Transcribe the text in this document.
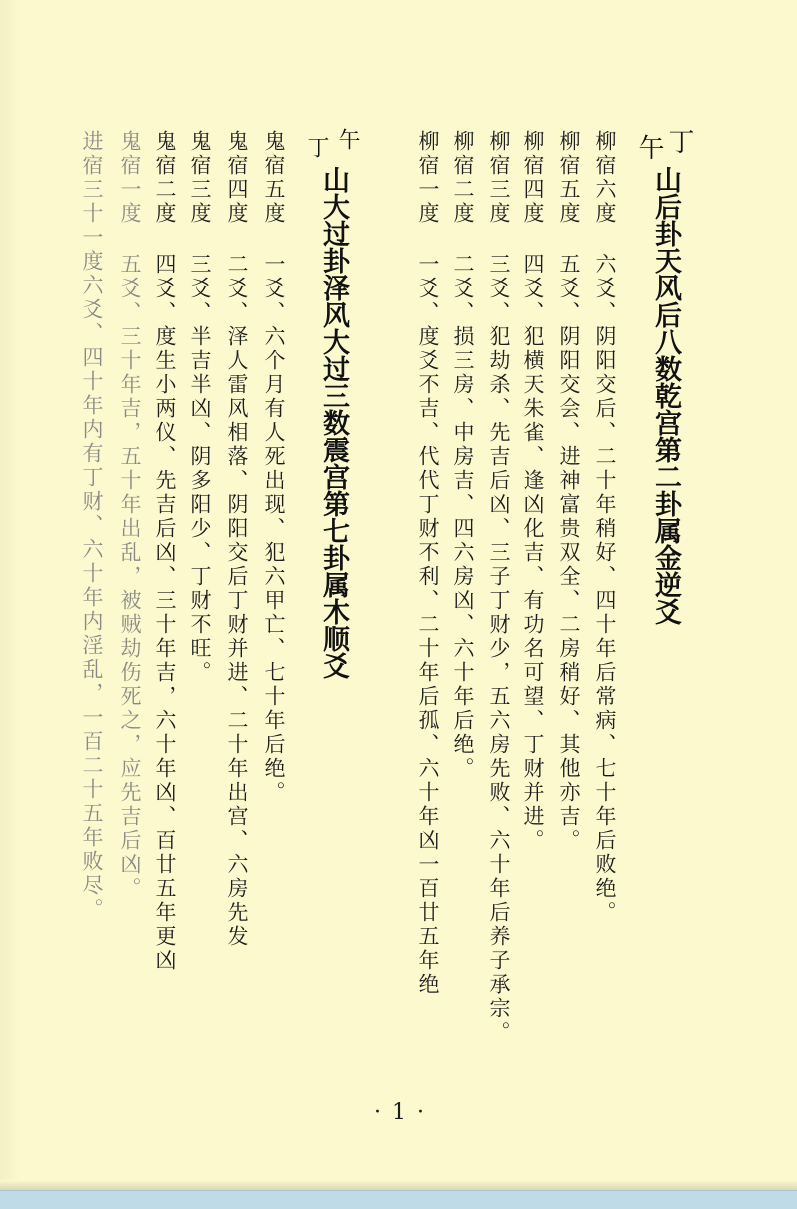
丁
午
山后卦天风后八数乾宫第二卦属金逆爻
柳宿六度 六爻、阴阳交后、二十年稍好、四十年后常病、七十年后败绝。
柳宿五度 五爻、阴阳交会、进神富贵双全、二房稍好、其他亦吉。
柳宿四度 四爻、犯横天朱雀、逢凶化吉、有功名可望、丁财并进。
柳宿三度 三爻、犯劫杀、先吉后凶、三子丁财少，五六房先败、六十年后养子承宗。
柳宿二度 二爻、损三房、中房吉、四六房凶、六十年后绝。
柳宿一度 一爻、度爻不吉、代代丁财不利、二十年后孤、六十年凶一百廿五年绝
午
丁
山大过卦泽风大过三数震宫第七卦属木顺爻
鬼宿五度 一爻、六个月有人死出现、犯六甲亡、七十年后绝。
鬼宿四度 二爻、泽人雷风相落、阴阳交后丁财并进、二十年出宫、六房先发
鬼宿三度 三爻、半吉半凶、阴多阳少、丁财不旺。
鬼宿二度 四爻、度生小两仪、先吉后凶、三十年吉，六十年凶、百廿五年更凶
鬼宿一度 五爻、三十年吉，五十年出乱，被贼劫伤死之，应先吉后凶。
进宿三十一度六爻、四十年内有丁财、六十年内淫乱，一百二十五年败尽。
· 1 ·
